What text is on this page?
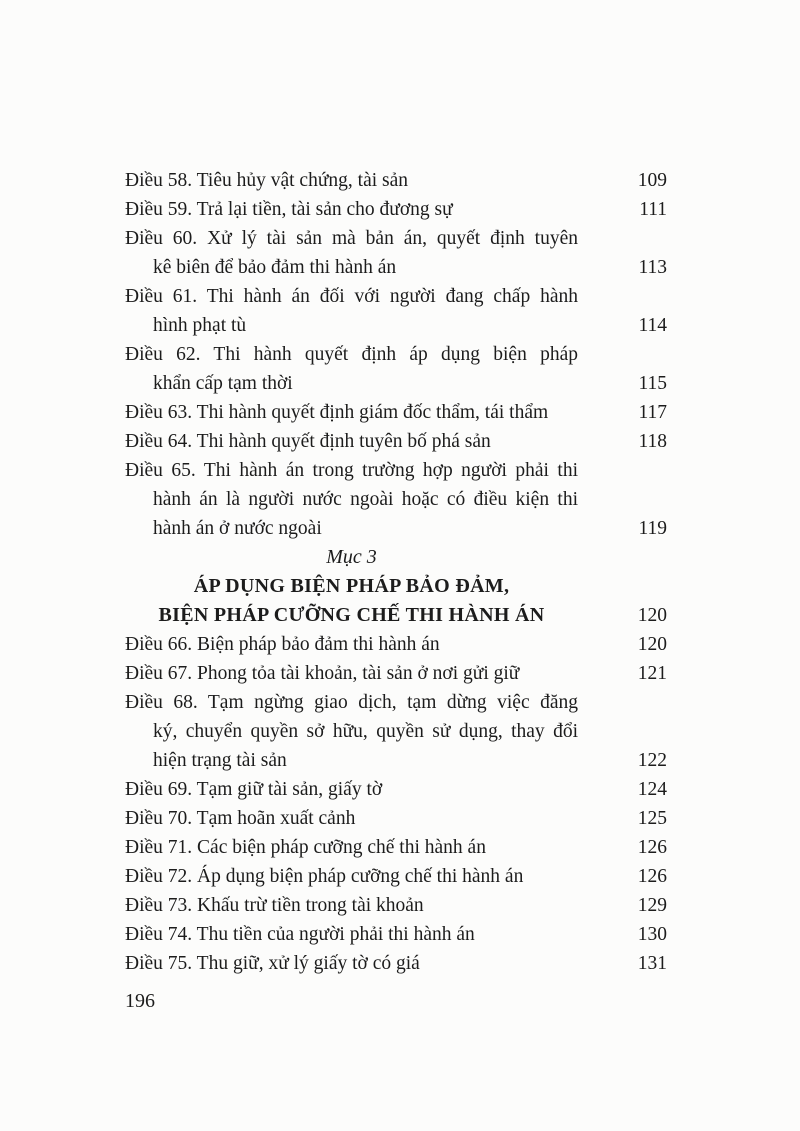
Điều 58. Tiêu hủy vật chứng, tài sản	109
Điều 59. Trả lại tiền, tài sản cho đương sự	111
Điều 60. Xử lý tài sản mà bản án, quyết định tuyên
kê biên để bảo đảm thi hành án	113
Điều 61. Thi hành án đối với người đang chấp hành
hình phạt tù	114
Điều 62. Thi hành quyết định áp dụng biện pháp
khẩn cấp tạm thời	115
Điều 63. Thi hành quyết định giám đốc thẩm, tái thẩm	117
Điều 64. Thi hành quyết định tuyên bố phá sản	118
Điều 65. Thi hành án trong trường hợp người phải thi
hành án là người nước ngoài hoặc có điều kiện thi
hành án ở nước ngoài	119
Mục 3
ÁP DỤNG BIỆN PHÁP BẢO ĐẢM,
BIỆN PHÁP CƯỠNG CHẾ THI HÀNH ÁN	120
Điều 66. Biện pháp bảo đảm thi hành án	120
Điều 67. Phong tỏa tài khoản, tài sản ở nơi gửi giữ	121
Điều 68. Tạm ngừng giao dịch, tạm dừng việc đăng
ký, chuyển quyền sở hữu, quyền sử dụng, thay đổi
hiện trạng tài sản	122
Điều 69. Tạm giữ tài sản, giấy tờ	124
Điều 70. Tạm hoãn xuất cảnh	125
Điều 71. Các biện pháp cưỡng chế thi hành án	126
Điều 72. Áp dụng biện pháp cưỡng chế thi hành án	126
Điều 73. Khấu trừ tiền trong tài khoản	129
Điều 74. Thu tiền của người phải thi hành án	130
Điều 75. Thu giữ, xử lý giấy tờ có giá	131
196
